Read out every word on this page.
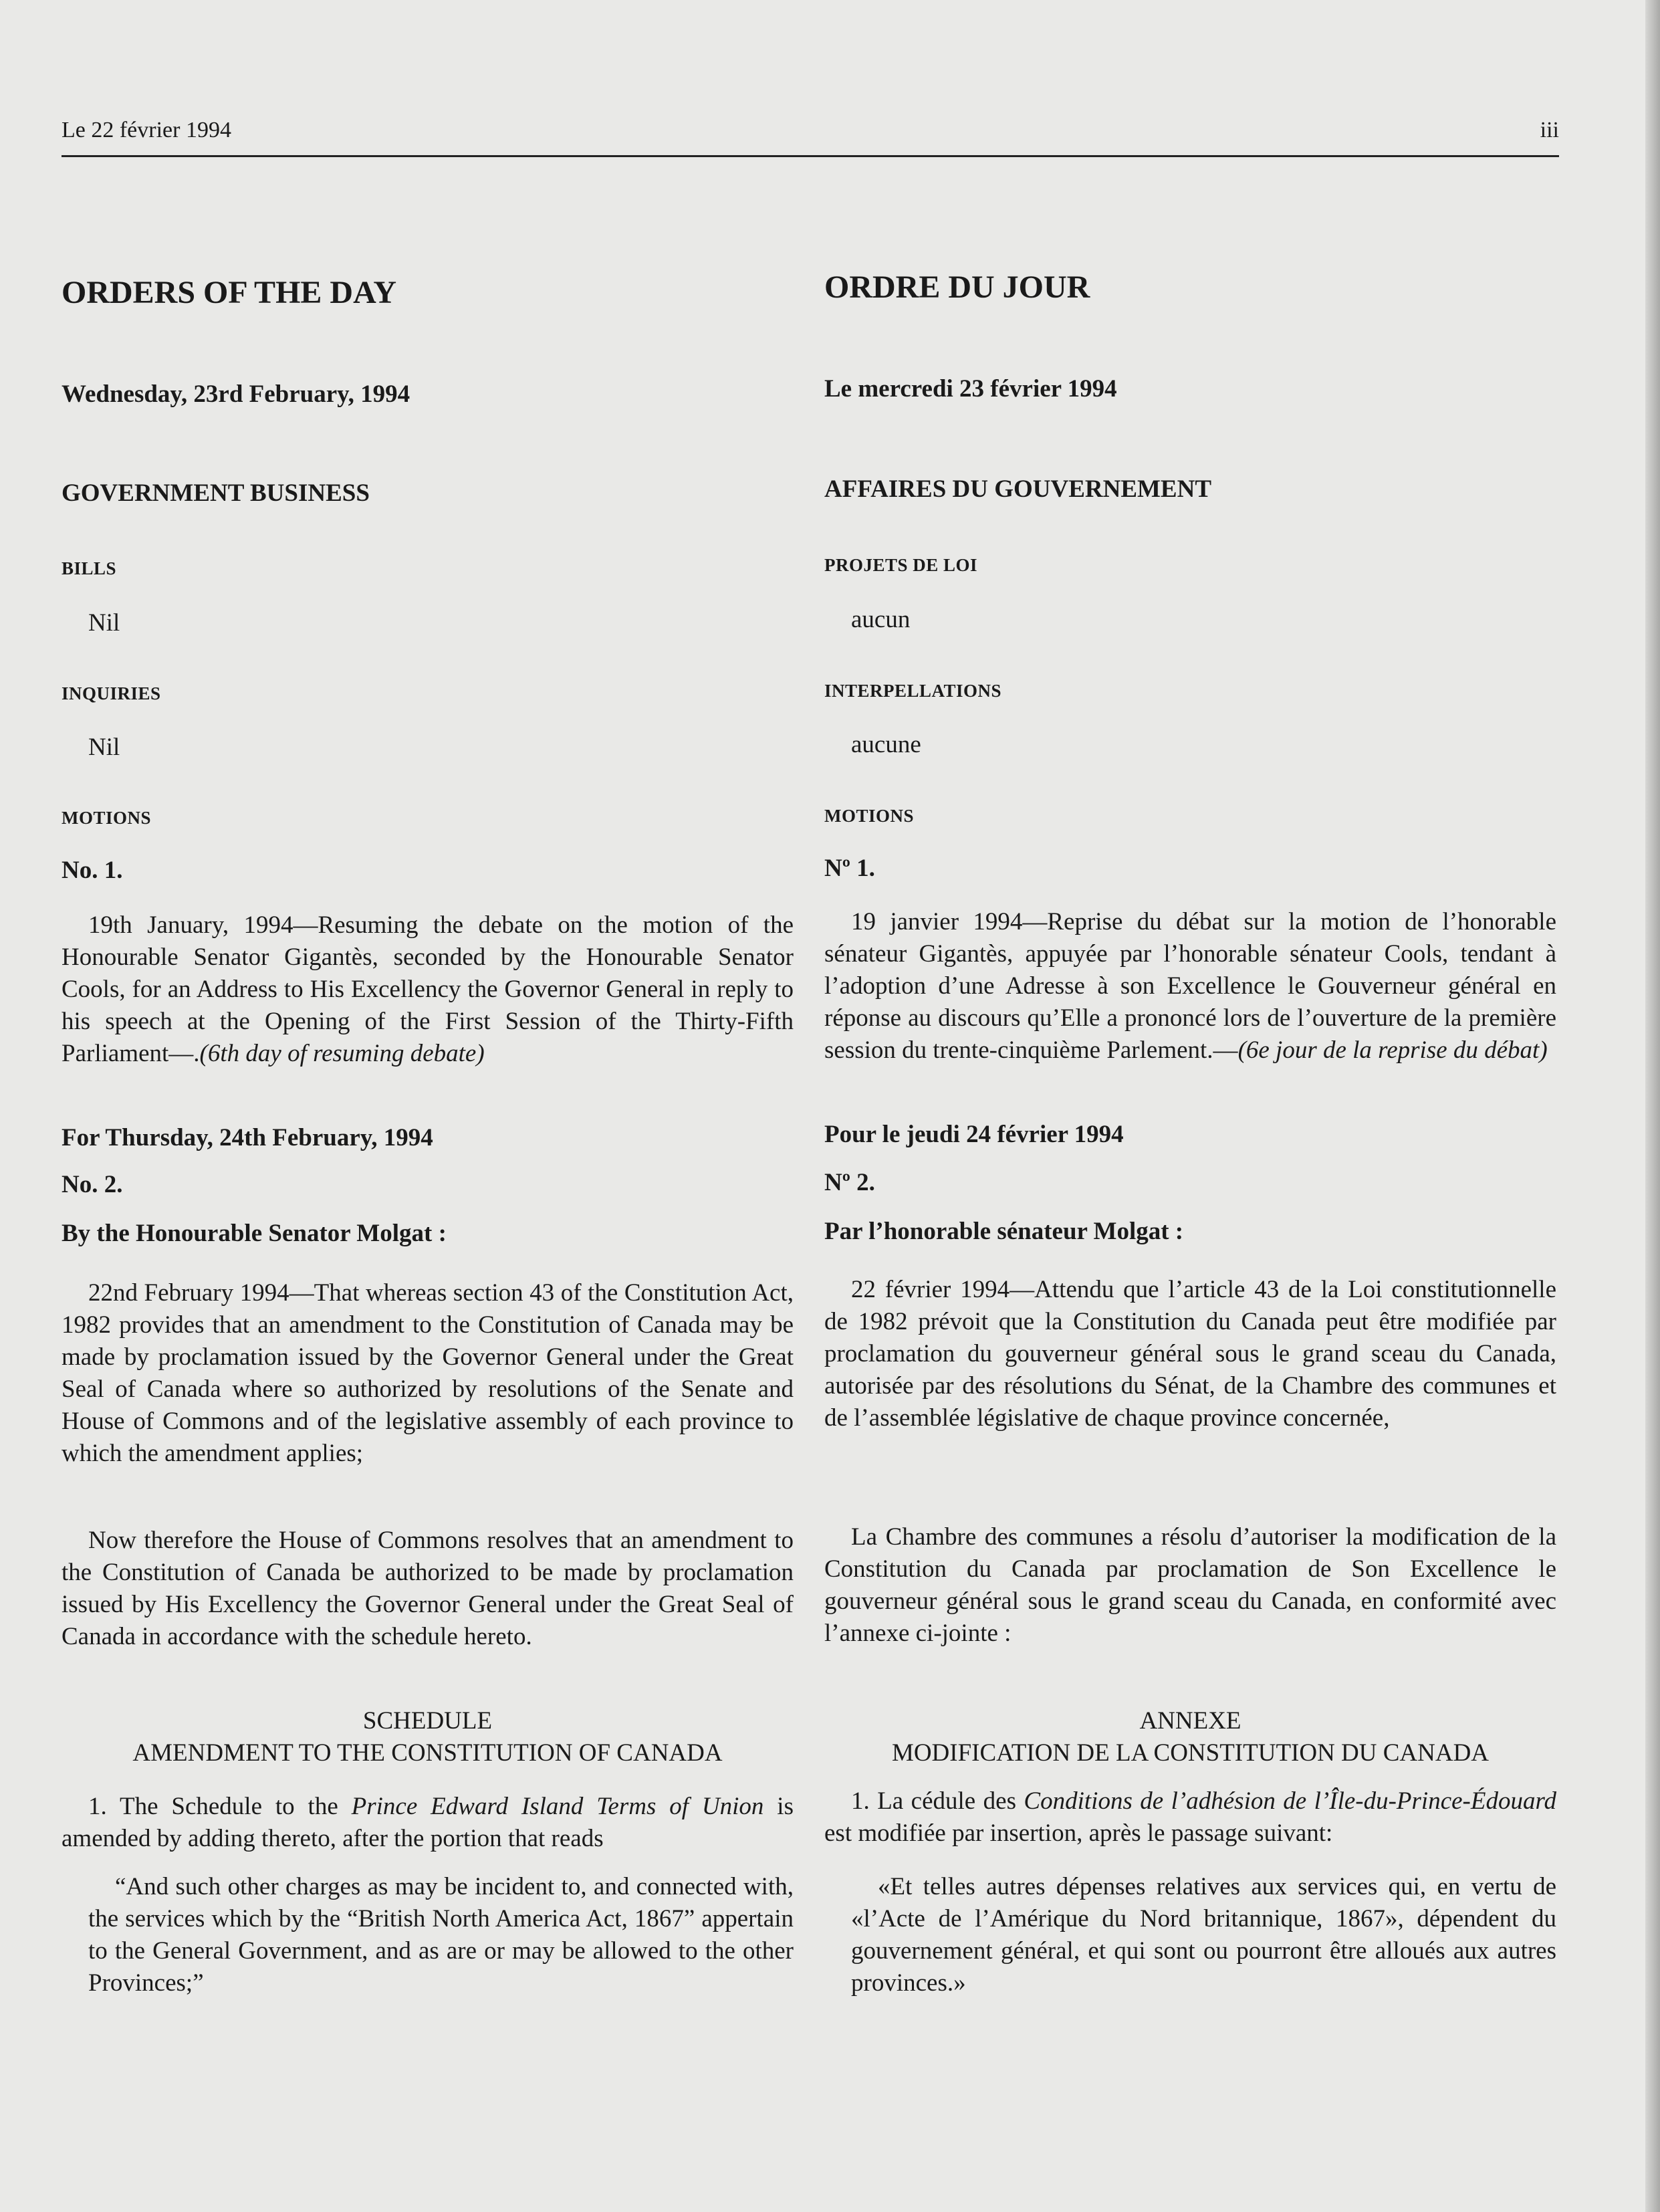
Le 22 février 1994	iii
ORDERS OF THE DAY
Wednesday, 23rd February, 1994
GOVERNMENT BUSINESS
BILLS
Nil
INQUIRIES
Nil
MOTIONS
No. 1.
19th January, 1994—Resuming the debate on the motion of the Honourable Senator Gigantès, seconded by the Honourable Senator Cools, for an Address to His Excellency the Governor General in reply to his speech at the Opening of the First Session of the Thirty-Fifth Parliament—.(6th day of resuming debate)
For Thursday, 24th February, 1994
No. 2.
By the Honourable Senator Molgat :
22nd February 1994—That whereas section 43 of the Constitution Act, 1982 provides that an amendment to the Constitution of Canada may be made by proclamation issued by the Governor General under the Great Seal of Canada where so authorized by resolutions of the Senate and House of Commons and of the legislative assembly of each province to which the amendment applies;
Now therefore the House of Commons resolves that an amendment to the Constitution of Canada be authorized to be made by proclamation issued by His Excellency the Governor General under the Great Seal of Canada in accordance with the schedule hereto.
SCHEDULE
AMENDMENT TO THE CONSTITUTION OF CANADA
1. The Schedule to the Prince Edward Island Terms of Union is amended by adding thereto, after the portion that reads
“And such other charges as may be incident to, and connected with, the services which by the “British North America Act, 1867” appertain to the General Government, and as are or may be allowed to the other Provinces;”
ORDRE DU JOUR
Le mercredi 23 février 1994
AFFAIRES DU GOUVERNEMENT
PROJETS DE LOI
aucun
INTERPELLATIONS
aucune
MOTIONS
Nº 1.
19 janvier 1994—Reprise du débat sur la motion de l’honorable sénateur Gigantès, appuyée par l’honorable sénateur Cools, tendant à l’adoption d’une Adresse à son Excellence le Gouverneur général en réponse au discours qu’Elle a prononcé lors de l’ouverture de la première session du trente-cinquième Parlement.—(6e jour de la reprise du débat)
Pour le jeudi 24 février 1994
Nº 2.
Par l’honorable sénateur Molgat :
22 février 1994—Attendu que l’article 43 de la Loi constitutionnelle de 1982 prévoit que la Constitution du Canada peut être modifiée par proclamation du gouverneur général sous le grand sceau du Canada, autorisée par des résolutions du Sénat, de la Chambre des communes et de l’assemblée législative de chaque province concernée,
La Chambre des communes a résolu d’autoriser la modification de la Constitution du Canada par proclamation de Son Excellence le gouverneur général sous le grand sceau du Canada, en conformité avec l’annexe ci-jointe :
ANNEXE
MODIFICATION DE LA CONSTITUTION DU CANADA
1. La cédule des Conditions de l’adhésion de l’Île-du-Prince-Édouard est modifiée par insertion, après le passage suivant:
«Et telles autres dépenses relatives aux services qui, en vertu de «l’Acte de l’Amérique du Nord britannique, 1867», dépendent du gouvernement général, et qui sont ou pourront être alloués aux autres provinces.»
